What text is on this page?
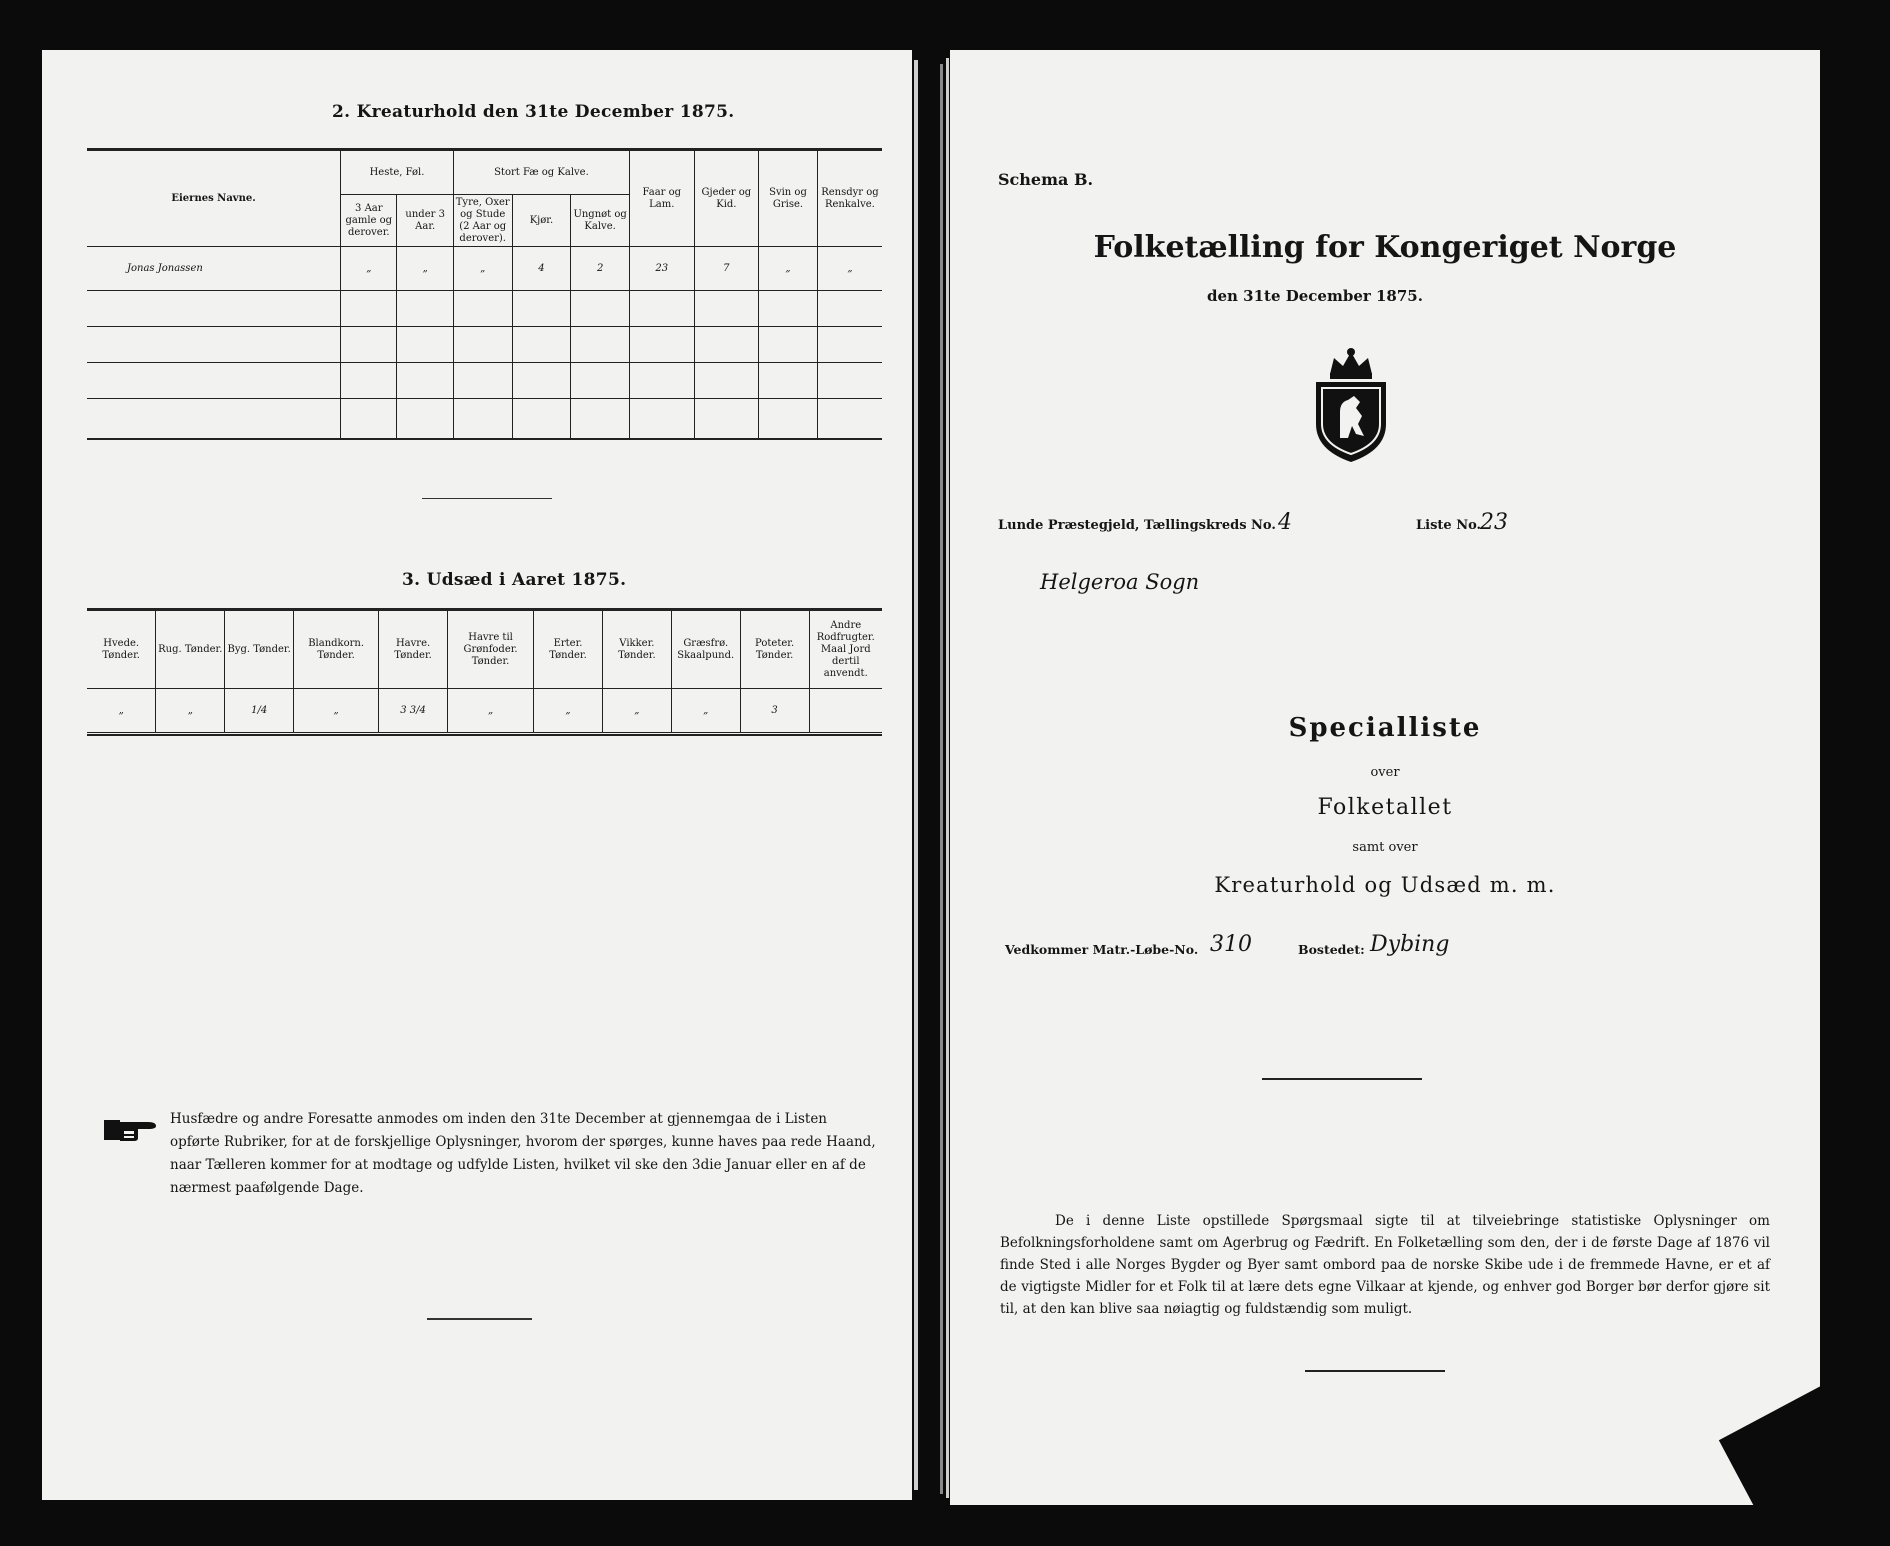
2. Kreaturhold den 31te December 1875.
Eiernes Navne.	Heste, Føl.		Stort Fæ og Kalve.			Faar og Lam.	Gjeder og Kid.	Svin og Grise.	Rensdyr og Renkalve.
	3 Aar gamle og derover.	under 3 Aar.	Tyre, Oxer og Stude (2 Aar og derover).	Kjør.	Ungnøt og Kalve.				
Jonas Jonassen	„	„	„	4	2	23	7	„	„

3. Udsæd i Aaret 1875.
Hvede. Tønder.	Rug. Tønder.	Byg. Tønder.	Blandkorn. Tønder.	Havre. Tønder.	Havre til Grønfoder. Tønder.	Erter. Tønder.	Vikker. Tønder.	Græsfrø. Skaalpund.	Poteter. Tønder.	Andre Rodfrugter. Maal Jord dertil anvendt.
„	„	1/4	„	3 3/4	„	„	„	„	3	
Husfædre og andre Foresatte anmodes om inden den 31te December at gjennemgaa de i Listen opførte Rubriker, for at de forskjellige Oplysninger, hvorom der spørges, kunne haves paa rede Haand, naar Tælleren kommer for at modtage og udfylde Listen, hvilket vil ske den 3die Januar eller en af de nærmest paafølgende Dage.
Schema B.
Folketælling for Kongeriget Norge
den 31te December 1875.
Lunde Præstegjeld, Tællingskreds No. 4	Liste No.
23
Helgeroa Sogn
Specialliste
over
Folketallet
samt over
Kreaturhold og Udsæd m. m.
Vedkommer Matr.-Løbe-No. 310	Bostedet: Dybing
De i denne Liste opstillede Spørgsmaal sigte til at tilveiebringe statistiske Oplysninger om Befolkningsforholdene samt om Agerbrug og Fædrift. En Folketælling som den, der i de første Dage af 1876 vil finde Sted i alle Norges Bygder og Byer samt ombord paa de norske Skibe ude i de fremmede Havne, er et af de vigtigste Midler for et Folk til at lære dets egne Vilkaar at kjende, og enhver god Borger bør derfor gjøre sit til, at den kan blive saa nøiagtig og fuldstændig som muligt.
